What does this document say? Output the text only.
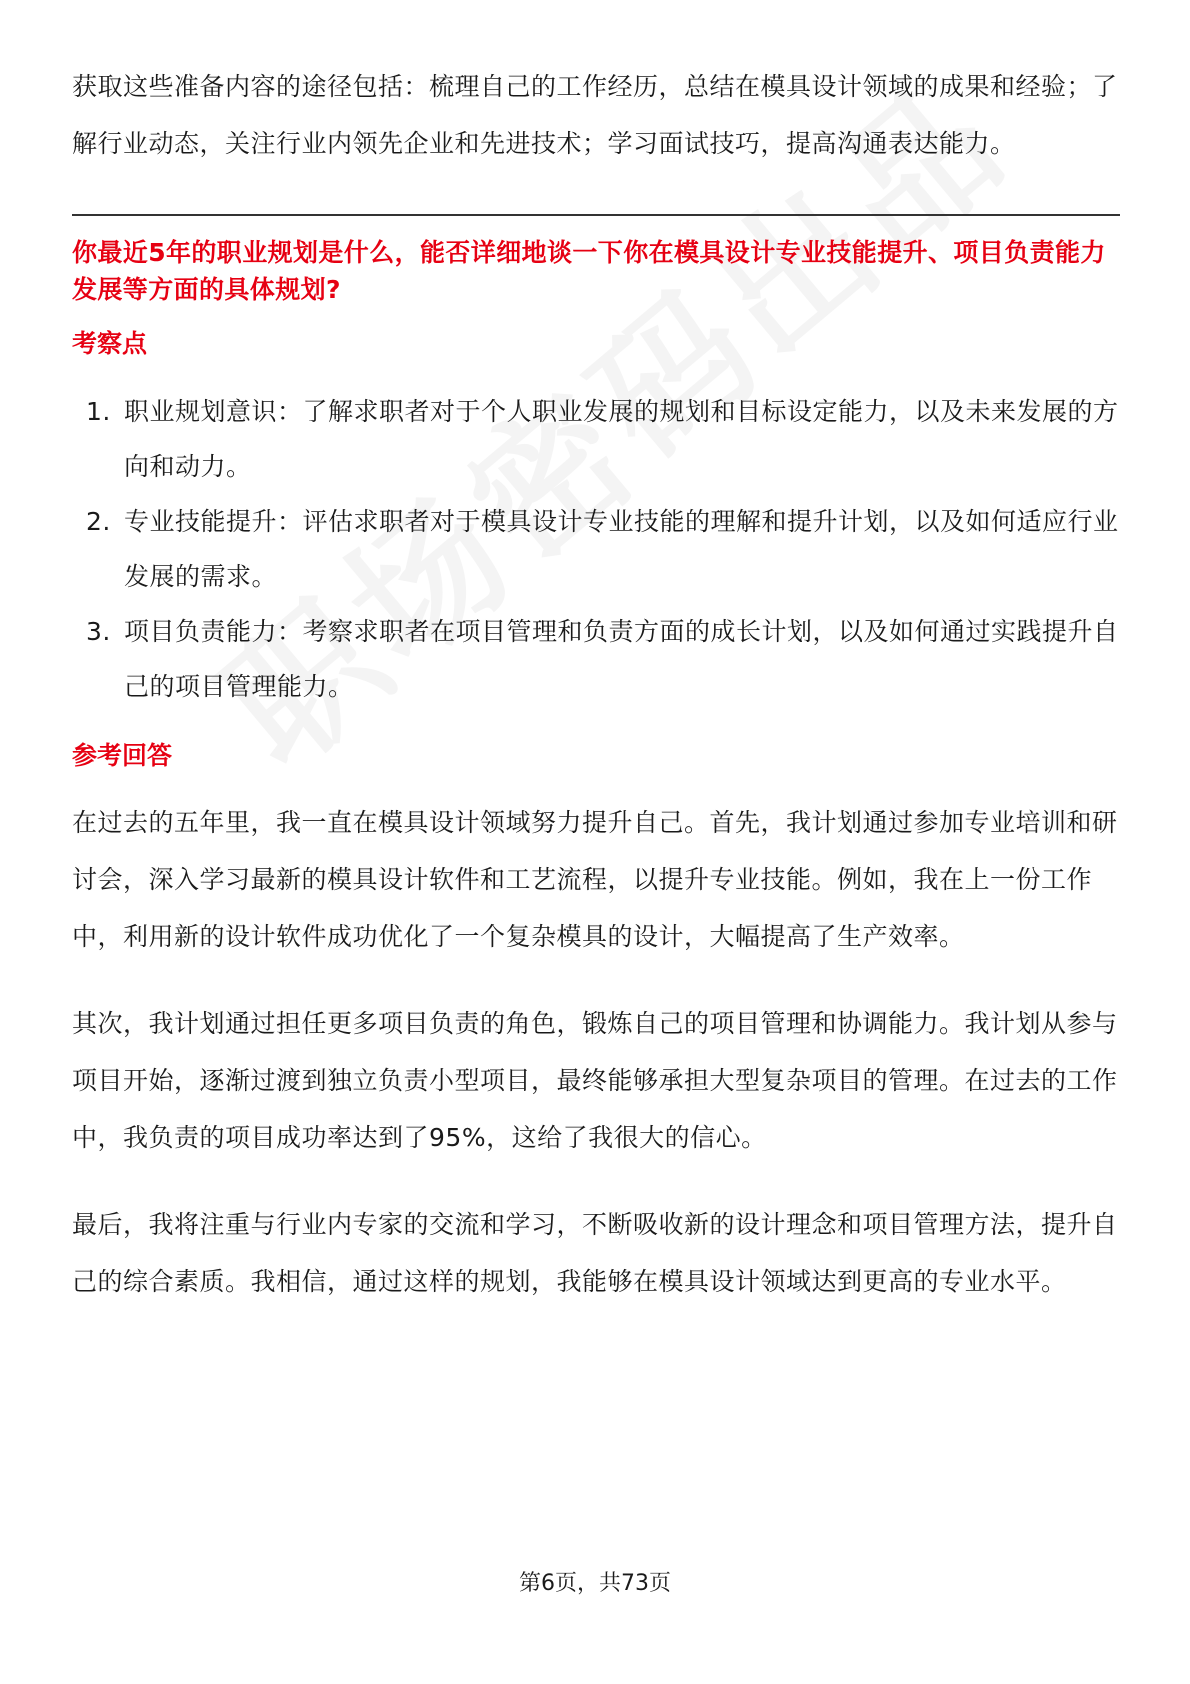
获取这些准备内容的途径包括：梳理自己的工作经历，总结在模具设计领域的成果和经验；了解行业动态，关注行业内领先企业和先进技术；学习面试技巧，提高沟通表达能力。

你最近5年的职业规划是什么，能否详细地谈一下你在模具设计专业技能提升、项目负责能力发展等方面的具体规划?

考察点

1. 职业规划意识：了解求职者对于个人职业发展的规划和目标设定能力，以及未来发展的方向和动力。
2. 专业技能提升：评估求职者对于模具设计专业技能的理解和提升计划，以及如何适应行业发展的需求。
3. 项目负责能力：考察求职者在项目管理和负责方面的成长计划，以及如何通过实践提升自己的项目管理能力。

参考回答

在过去的五年里，我一直在模具设计领域努力提升自己。首先，我计划通过参加专业培训和研讨会，深入学习最新的模具设计软件和工艺流程，以提升专业技能。例如，我在上一份工作中，利用新的设计软件成功优化了一个复杂模具的设计，大幅提高了生产效率。

其次，我计划通过担任更多项目负责的角色，锻炼自己的项目管理和协调能力。我计划从参与项目开始，逐渐过渡到独立负责小型项目，最终能够承担大型复杂项目的管理。在过去的工作中，我负责的项目成功率达到了95%，这给了我很大的信心。

最后，我将注重与行业内专家的交流和学习，不断吸收新的设计理念和项目管理方法，提升自己的综合素质。我相信，通过这样的规划，我能够在模具设计领域达到更高的专业水平。

第6页，共73页
